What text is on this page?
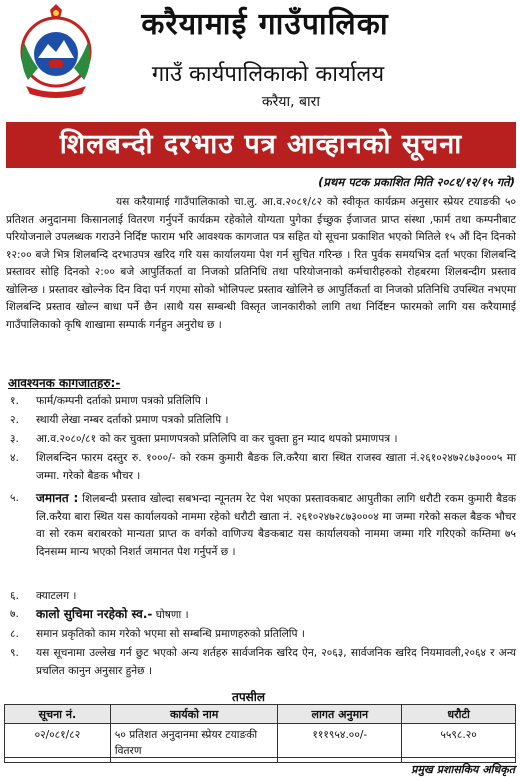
करैयामाई गाउँपालिका
गाउँ कार्यपालिकाको कार्यालय
करैया, बारा
शिलबन्दी दरभाउ पत्र आव्हानको सूचना
(प्रथम पटक प्रकाशित मिति २०८१/१२/१५ गते)
यस करैयामाई गाउँपालिकाको चा.लु. आ.व.२०८१/८२ को स्वीकृत कार्यक्रम अनुसार स्प्रेयर टयाङकी ५० प्रतिशत अनुदानमा किसानलाई वितरण गर्नुपर्ने कार्यक्रम रहेकोले योग्यता पुगेका ईच्छुक ईजाजत प्राप्त संस्था ,फार्म तथा कम्पनीबाट परियोजनाले उपलब्धक गराउने निर्दिष्ट फाराम भरि आवश्यक कागजात पत्र सहित यो सूचना प्रकाशित भएको मितिले १५ औं दिन दिनको १२:०० बजे भित्र शिलबन्दि दरभाउपत्र खरिद गरि यस कार्यालयमा पेश गर्न सुचित गरिन्छ । रित पुर्वक समयभित्र दर्ता भएका शिलबन्दि प्रस्तावर सोहि दिनको २:०० बजे आपुर्तिकर्ता वा निजको प्रतिनिधि तथा परियोजनाको कर्मचारीहरुको रोहबरमा शिलबन्दीग प्रस्ताव खोलिन्छ । प्रस्तावर खोल्नेक दिन विदा पर्न गएमा सोको भोलिपल्ट प्रस्ताव खोलिने छ आपुर्तिकर्ता वा निजको प्रतिनिधि उपस्थित नभएमा शिलबन्दि प्रस्ताव खोल्न बाधा पर्ने छैन ।साथै यस सम्बन्धी विस्तृत जानकारीको लागि तथा निर्दिष्टन फारमको लागि यस करैयामाई गाउँपालिकाको कृषि शाखामा सम्पार्क गर्नहुन अनुरोध छ ।
आवश्यनक कागजातहरु:-
१. फार्म/कम्पनी दर्ताको प्रमाण पत्रको प्रतिलिपि ।
२. स्थायी लेखा नम्बर दर्ताको प्रमाण पत्रको प्रतिलिपि ।
३. आ.व.२०८०/८१ को कर चुक्ता प्रमाणपत्रको प्रतिलिपि वा कर चुक्ता हुन म्याद थपको प्रमाणपत्र ।
४. शिलबन्दिन फारम दस्तुर रु. १०००/- को रकम कुमारी बैङक लि.करैया बारा स्थित राजस्व खाता नं.२६१०२४७२८७३०००५ मा जम्मा. गरेको बैङक भौचर ।
५. जमानत : शिलबन्दी प्रस्ताव खोल्दा सबभन्दा न्यूनतम रेट पेश भएका प्रस्तावकबाट आपुतीका लागि धरौटी रकम कुमारी बैडक लि.करैया बारा स्थित यस कार्यालयको नाममा रहेको धरौटी खाता नं. २६१०२४७२८७३०००४ मा जम्मा गरेको सकल बैङक भौचर वा सो रकम बराबरको मान्यता प्राप्त क वर्गको वाणिज्य बैङकबाट यस कार्यालयको नाममा जम्मा गरि गरिएको कम्तिमा ७५ दिनसम्म मान्य भएको निशर्त जमानत पेश गर्नुपर्ने छ ।
६. क्याटलग ।
७. कालो सुचिमा नरहेको स्व.- घोषणा ।
८. समान प्रकृतिको काम गरेको भएमा सो सम्बन्धि प्रमाणहरुको प्रतिलिपि ।
९. यस सूचनामा उल्लेख गर्न छुट भएको अन्य शर्तहरु सार्वजनिक खरिद ऐन, २०६३, सार्वजनिक खरिद नियमावली,२०६४ र अन्य प्रचलित कानुन अनुसार हुनेछ ।
तपसील
सूचना नं.	कार्यको नाम	लागत अनुमान	धरौटी
०२/०८१/८२	५० प्रतिशत अनुदानमा स्प्रेयर टयाङकी वितरण	१११९५४.००/-	५५९८.२०
प्रमुख प्रशासकिय अधिकृत
